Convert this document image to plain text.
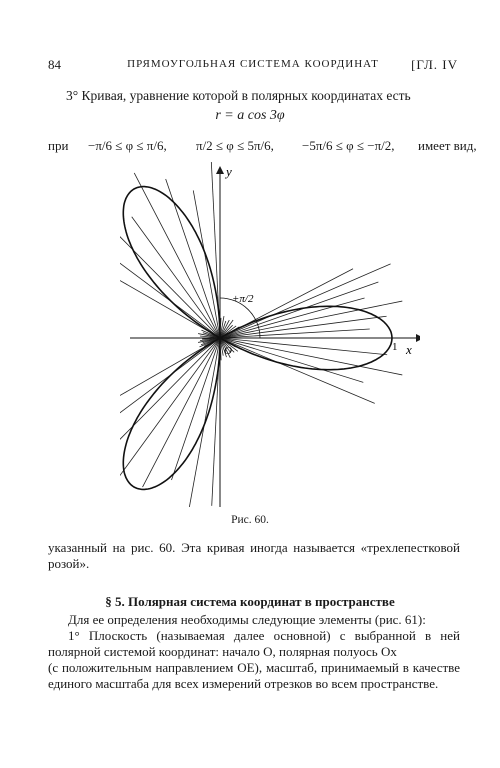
84	ПРЯМОУГОЛЬНАЯ СИСТЕМА КООРДИНАТ	[ГЛ. IV
3° Кривая, уравнение которой в полярных координатах есть
r = a cos 3φ
при −π/6 ≤ φ ≤ π/6, π/2 ≤ φ ≤ 5π/6, −5π/6 ≤ φ ≤ −π/2, имеет вид,
y
x
O	1
+π/2
Рис. 60.
указанный на рис. 60. Эта кривая иногда называется «трехлепестковой розой».
§ 5. Полярная система координат в пространстве
Для ее определения необходимы следующие элементы (рис. 61):
1° Плоскость (называемая далее основной) с выбранной в ней полярной системой координат: начало O, полярная полуось Ox
(с положительным направлением OE), масштаб, принимаемый в качестве единого масштаба для всех измерений отрезков во всем пространстве.
